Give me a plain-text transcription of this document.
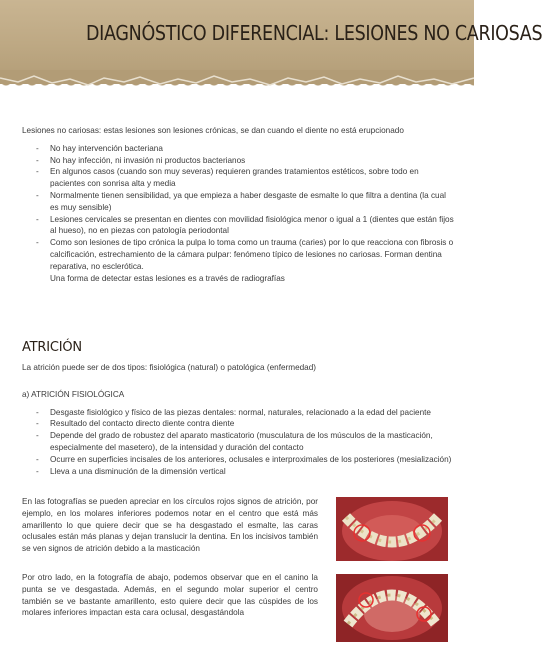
DIAGNÓSTICO DIFERENCIAL: LESIONES NO CARIOSAS

Lesiones no cariosas: estas lesiones son lesiones crónicas, se dan cuando el diente no está erupcionado

- No hay intervención bacteriana
- No hay infección, ni invasión ni productos bacterianos
- En algunos casos (cuando son muy severas) requieren grandes tratamientos estéticos, sobre todo en pacientes con sonrisa alta y media
- Normalmente tienen sensibilidad, ya que empieza a haber desgaste de esmalte lo que filtra a dentina (la cual es muy sensible)
- Lesiones cervicales se presentan en dientes con movilidad fisiológica menor o igual a 1 (dientes que están fijos al hueso), no en piezas con patología periodontal
- Como son lesiones de tipo crónica la pulpa lo toma como un trauma (caries) por lo que reacciona con fibrosis o calcificación, estrechamiento de la cámara pulpar: fenómeno típico de lesiones no cariosas. Forman dentina reparativa, no esclerótica.
Una forma de detectar estas lesiones es a través de radiografías
ATRICIÓN

La atrición puede ser de dos tipos: fisiológica (natural) o patológica (enfermedad)

a) ATRICIÓN FISIOLÓGICA

- Desgaste fisiológico y físico de las piezas dentales: normal, naturales, relacionado a la edad del paciente
- Resultado del contacto directo diente contra diente
- Depende del grado de robustez del aparato masticatorio (musculatura de los músculos de la masticación, especialmente del masetero), de la intensidad y duración del contacto
- Ocurre en superficies incisales de los anteriores, oclusales e interproximales de los posteriores (mesialización)
- Lleva a una disminución de la dimensión vertical

En las fotografías se pueden apreciar en los círculos rojos signos de atrición, por ejemplo, en los molares inferiores podemos notar en el centro que está más amarillento lo que quiere decir que se ha desgastado el esmalte, las caras oclusales están más planas y dejan translucir la dentina. En los incisivos también se ven signos de atrición debido a la masticación

Por otro lado, en la fotografía de abajo, podemos observar que en el canino la punta se ve desgastada. Además, en el segundo molar superior el centro también se ve bastante amarillento, esto quiere decir que las cúspides de los molares inferiores impactan esta cara oclusal, desgastándola
